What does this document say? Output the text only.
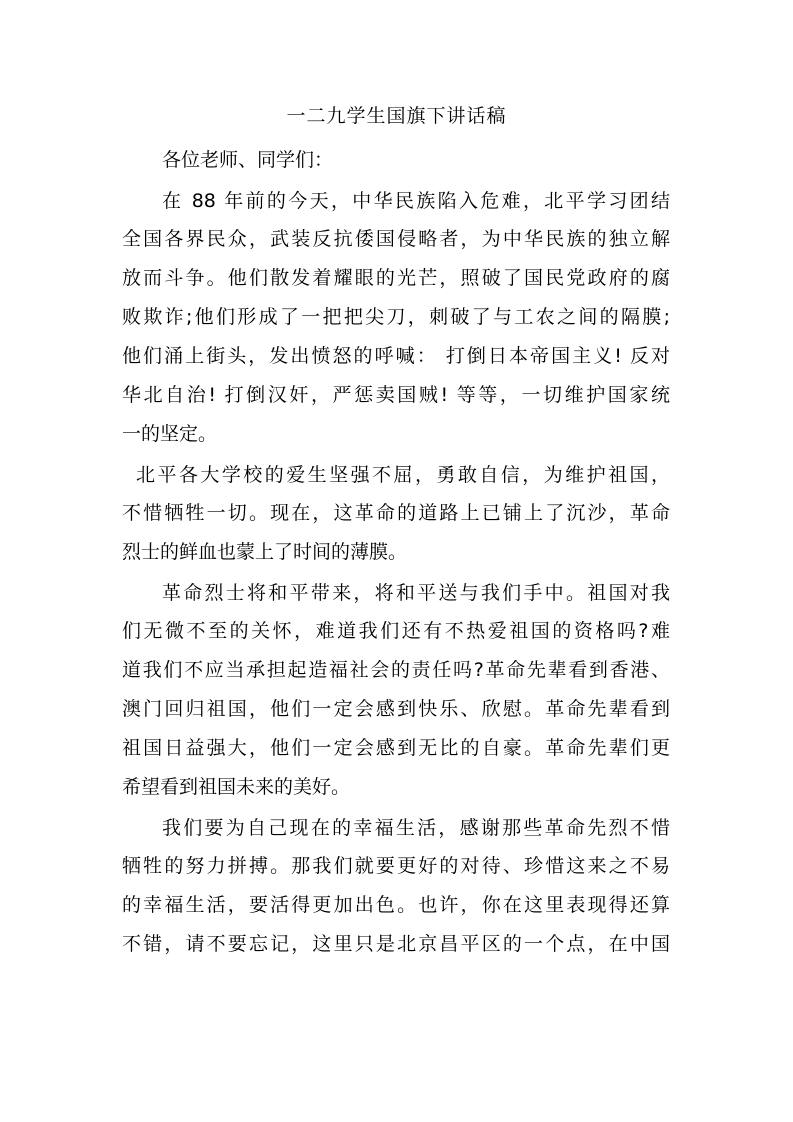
一二九学生国旗下讲话稿
各位老师、同学们：
在 88 年前的今天，中华民族陷入危难，北平学习团结
全国各界民众，武装反抗倭国侵略者，为中华民族的独立解
放而斗争。他们散发着耀眼的光芒，照破了国民党政府的腐
败欺诈;他们形成了一把把尖刀，刺破了与工农之间的隔膜;
他们涌上街头，发出愤怒的呼喊： 打倒日本帝国主义! 反对
华北自治! 打倒汉奸，严惩卖国贼! 等等，一切维护国家统
一的坚定。
北平各大学校的爱生坚强不屈，勇敢自信，为维护祖国，
不惜牺牲一切。现在，这革命的道路上已铺上了沉沙，革命
烈士的鲜血也蒙上了时间的薄膜。
革命烈士将和平带来，将和平送与我们手中。祖国对我
们无微不至的关怀，难道我们还有不热爱祖国的资格吗?难
道我们不应当承担起造福社会的责任吗?革命先辈看到香港、
澳门回归祖国，他们一定会感到快乐、欣慰。革命先辈看到
祖国日益强大，他们一定会感到无比的自豪。革命先辈们更
希望看到祖国未来的美好。
我们要为自己现在的幸福生活，感谢那些革命先烈不惜
牺牲的努力拼搏。那我们就要更好的对待、珍惜这来之不易
的幸福生活，要活得更加出色。也许，你在这里表现得还算
不错，请不要忘记，这里只是北京昌平区的一个点，在中国
